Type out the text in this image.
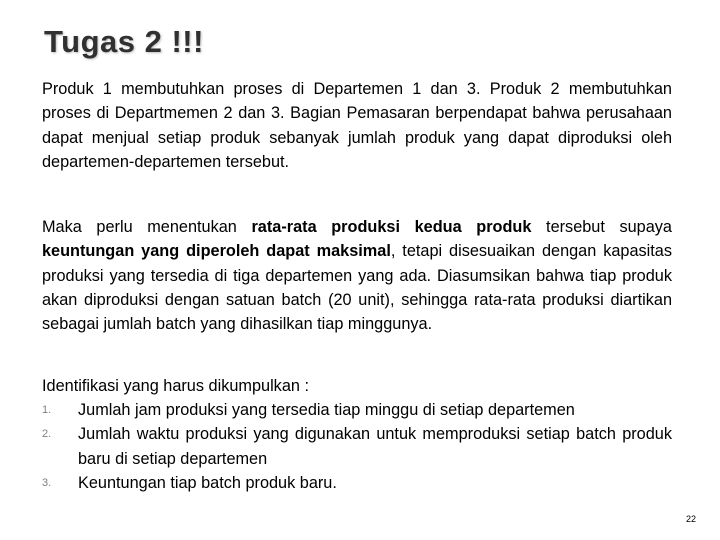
Tugas 2 !!!

Produk 1 membutuhkan proses di Departemen 1 dan 3. Produk 2 membutuhkan proses di Departmemen 2 dan 3. Bagian Pemasaran berpendapat bahwa perusahaan dapat menjual setiap produk sebanyak jumlah produk yang dapat diproduksi oleh departemen-departemen tersebut.

Maka perlu menentukan rata-rata produksi kedua produk tersebut supaya keuntungan yang diperoleh dapat maksimal, tetapi disesuaikan dengan kapasitas produksi yang tersedia di tiga departemen yang ada. Diasumsikan bahwa tiap produk akan diproduksi dengan satuan batch (20 unit), sehingga rata-rata produksi diartikan sebagai jumlah batch yang dihasilkan tiap minggunya.

Identifikasi yang harus dikumpulkan :

1. Jumlah jam produksi yang tersedia tiap minggu di setiap departemen
2. Jumlah waktu produksi yang digunakan untuk memproduksi setiap batch produk baru di setiap departemen
3. Keuntungan tiap batch produk baru.
22
